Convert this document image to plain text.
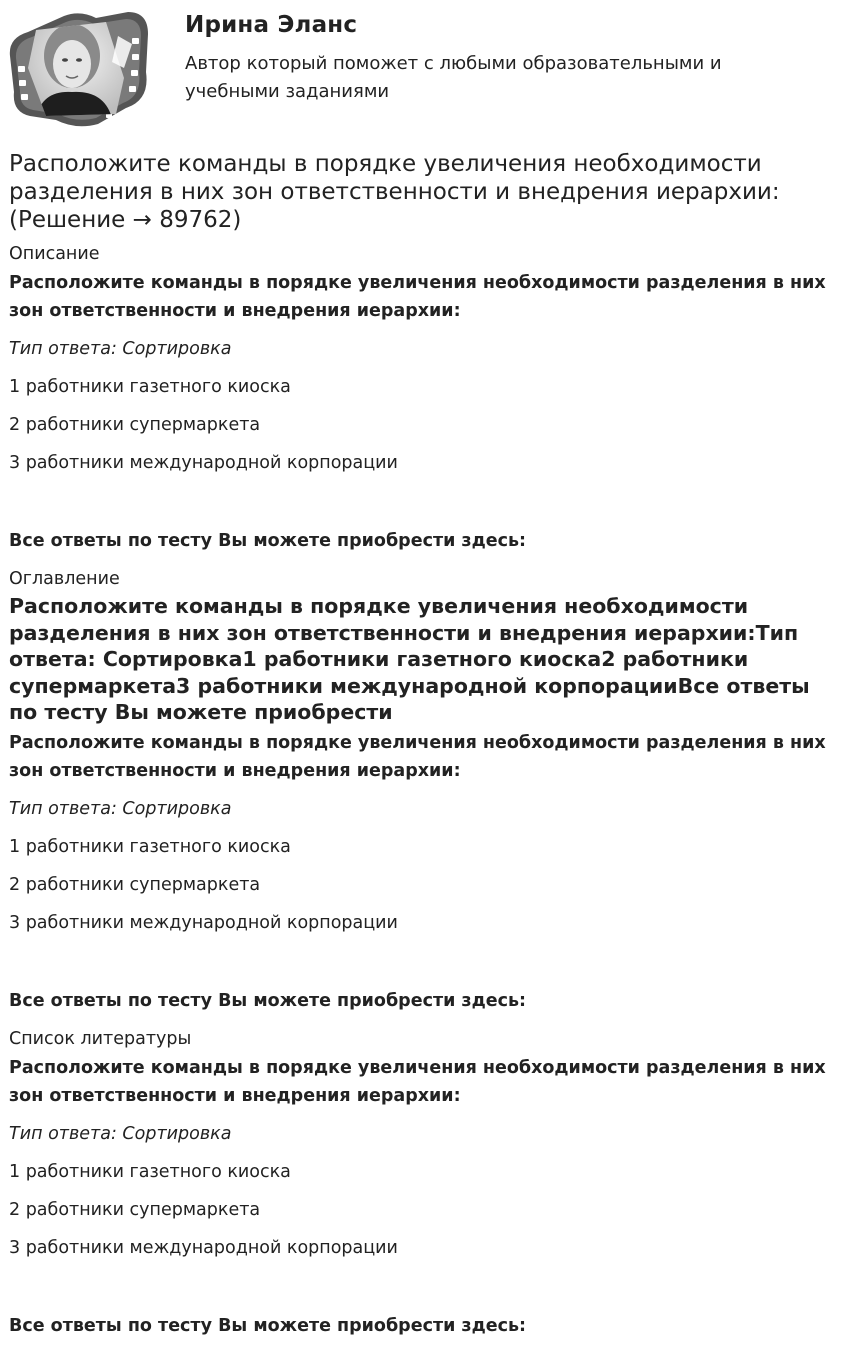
Ирина Эланс
Автор который поможет с любыми образовательными и учебными заданиями
Расположите команды в порядке увеличения необходимости разделения в них зон ответственности и внедрения иерархии: (Решение → 89762)

Описание

Расположите команды в порядке увеличения необходимости разделения в них зон ответственности и внедрения иерархии:

Тип ответа: Сортировка

1 работники газетного киоска

2 работники супермаркета

3 работники международной корпорации

Все ответы по тесту Вы можете приобрести здесь:

Оглавление

Расположите команды в порядке увеличения необходимости разделения в них зон ответственности и внедрения иерархии:Тип ответа: Сортировка1 работники газетного киоска2 работники супермаркета3 работники международной корпорацииВсе ответы по тесту Вы можете приобрести

Расположите команды в порядке увеличения необходимости разделения в них зон ответственности и внедрения иерархии:

Тип ответа: Сортировка

1 работники газетного киоска

2 работники супермаркета

3 работники международной корпорации

Все ответы по тесту Вы можете приобрести здесь:

Список литературы

Расположите команды в порядке увеличения необходимости разделения в них зон ответственности и внедрения иерархии:

Тип ответа: Сортировка

1 работники газетного киоска

2 работники супермаркета

3 работники международной корпорации

Все ответы по тесту Вы можете приобрести здесь:
